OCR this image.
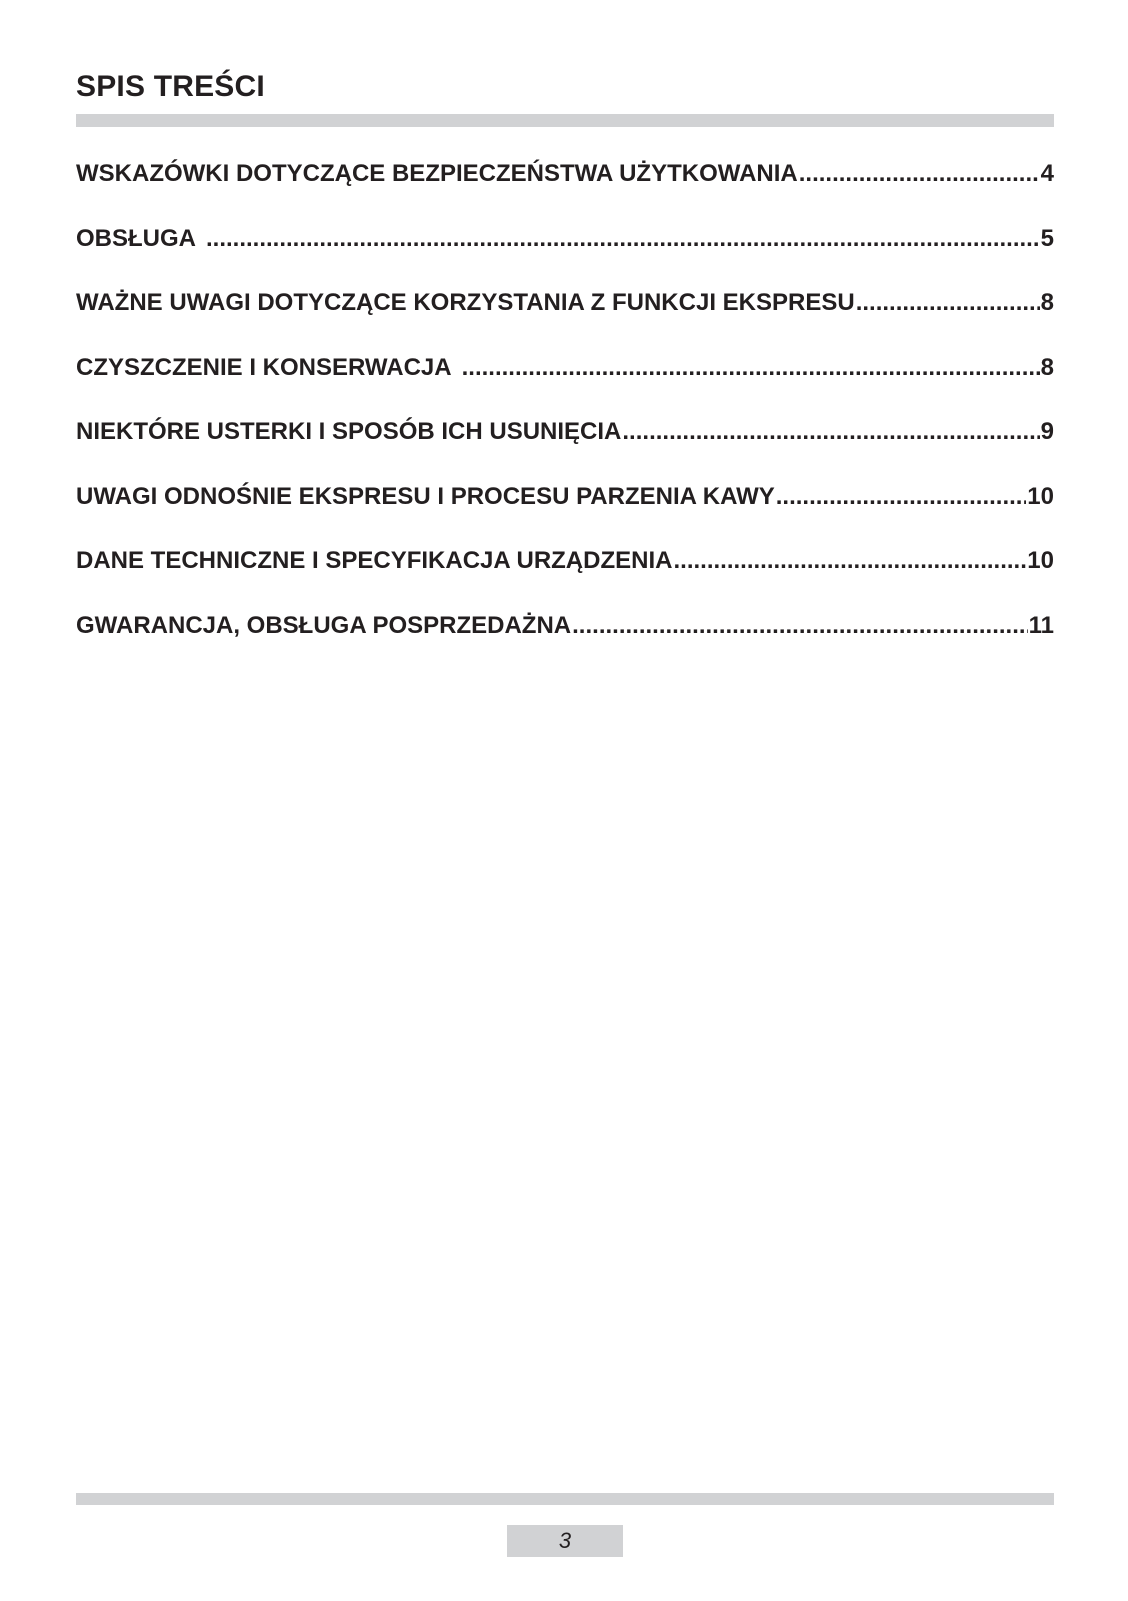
SPIS TREŚCI
WSKAZÓWKI DOTYCZĄCE BEZPIECZEŃSTWA UŻYTKOWANIA .....	4
OBSŁUGA .....	5
WAŻNE UWAGI DOTYCZĄCE KORZYSTANIA Z FUNKCJI EKSPRESU .....	8
CZYSZCZENIE I KONSERWACJA .....	8
NIEKTÓRE USTERKI I SPOSÓB ICH USUNIĘCIA .....	9
UWAGI ODNOŚNIE EKSPRESU I PROCESU PARZENIA KAWY .....	10
DANE TECHNICZNE I SPECYFIKACJA URZĄDZENIA .....	10
GWARANCJA, OBSŁUGA POSPRZEDAŻNA .....	11
3
